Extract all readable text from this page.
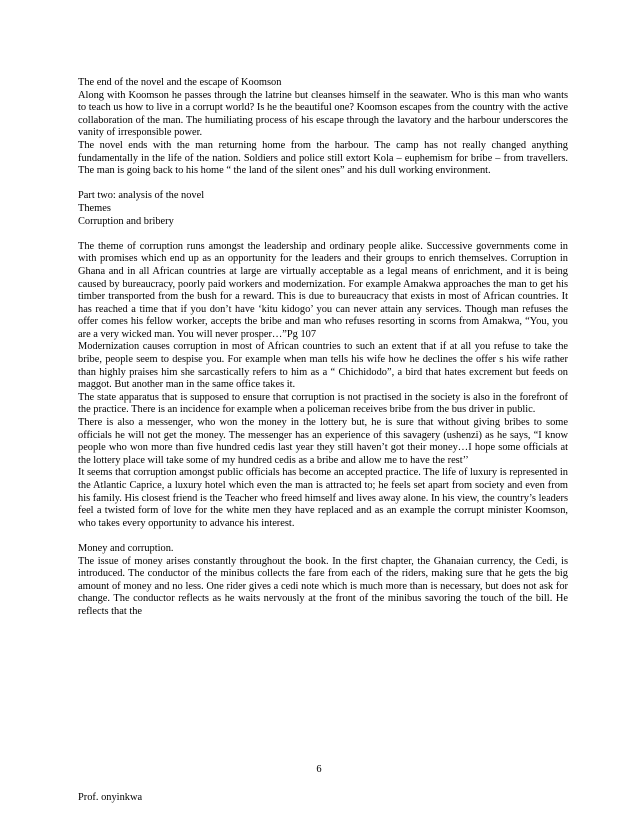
The end of the novel and the escape of Koomson

Along with Koomson he passes through the latrine but cleanses himself in the seawater. Who is this man who wants to teach us how to live in a corrupt world? Is he the beautiful one? Koomson escapes from the country with the active collaboration of the man. The humiliating process of his escape through the lavatory and the harbour underscores the vanity of irresponsible power.

The novel ends with the man returning home from the harbour. The camp has not really changed anything fundamentally in the life of the nation. Soldiers and police still extort Kola – euphemism for bribe – from travellers. The man is going back to his home “ the land of the silent ones” and his dull working environment.

Part two: analysis of the novel

Themes

Corruption and bribery

The theme of corruption runs amongst the leadership and ordinary people alike. Successive governments come in with promises which end up as an opportunity for the leaders and their groups to enrich themselves. Corruption in Ghana and in all African countries at large are virtually acceptable as a legal means of enrichment, and it is being caused by bureaucracy, poorly paid workers and modernization. For example Amakwa approaches the man to get his timber transported from the bush for a reward. This is due to bureaucracy that exists in most of African countries. It has reached a time that if you don’t have ‘kitu kidogo’ you can never attain any services. Though man refuses the offer comes his fellow worker, accepts the bribe and man who refuses resorting in scorns from Amakwa, “You, you are a very wicked man. You will never prosper…”Pg 107

Modernization causes corruption in most of African countries to such an extent that if at all you refuse to take the bribe, people seem to despise you. For example when man tells his wife how he declines the offer s his wife rather than highly praises him she sarcastically refers to him as a “ Chichidodo”, a bird that hates excrement but feeds on maggot. But another man in the same office takes it.

The state apparatus that is supposed to ensure that corruption is not practised in the society is also in the forefront of the practice. There is an incidence for example when a policeman receives bribe from the bus driver in public.

There is also a messenger, who won the money in the lottery but, he is sure that without giving bribes to some officials he will not get the money. The messenger has an experience of this savagery (ushenzi) as he says, “I know people who won more than five hundred cedis last year they still haven’t got their money…I hope some officials at the lottery place will take some of my hundred cedis as a bribe and allow me to have the rest’’

It seems that corruption amongst public officials has become an accepted practice. The life of luxury is represented in the Atlantic Caprice, a luxury hotel which even the man is attracted to; he feels set apart from society and even from his family. His closest friend is the Teacher who freed himself and lives away alone. In his view, the country’s leaders feel a twisted form of love for the white men they have replaced and as an example the corrupt minister Koomson, who takes every opportunity to advance his interest.

Money and corruption.

The issue of money arises constantly throughout the book. In the first chapter, the Ghanaian currency, the Cedi, is introduced. The conductor of the minibus collects the fare from each of the riders, making sure that he gets the big amount of money and no less. One rider gives a cedi note which is much more than is necessary, but does not ask for change. The conductor reflects as he waits nervously at the front of the minibus savoring the touch of the bill. He reflects that the

6
Prof. onyinkwa
